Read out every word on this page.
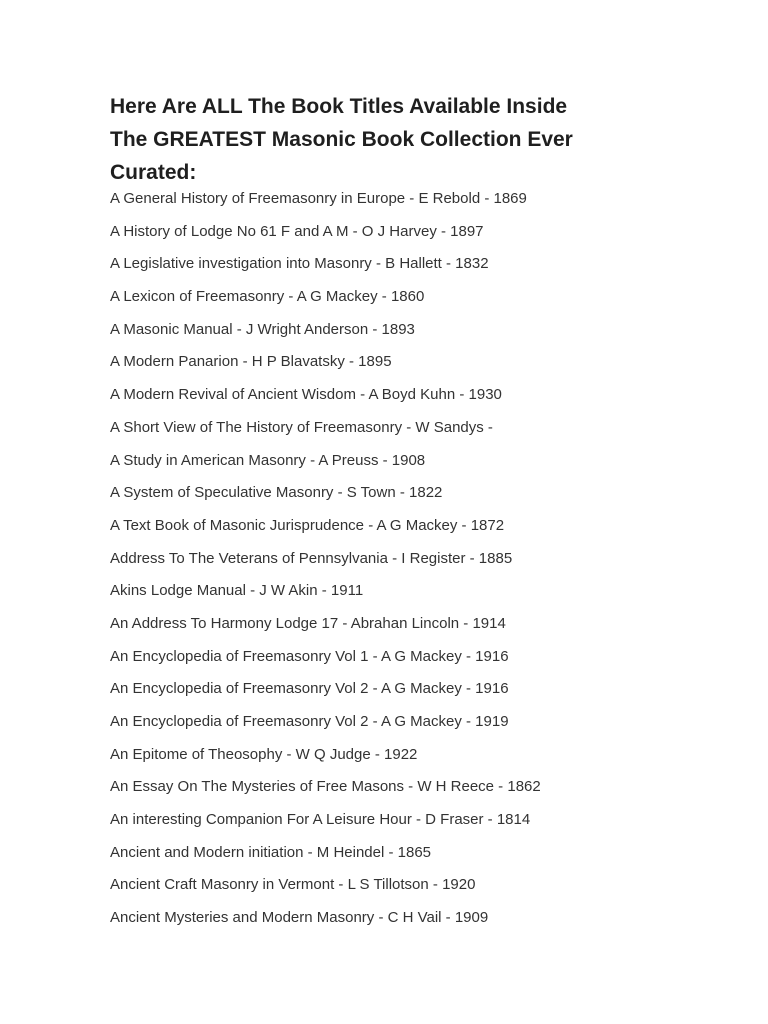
Here Are ALL The Book Titles Available Inside
The GREATEST Masonic Book Collection Ever
Curated:
A General History of Freemasonry in Europe - E Rebold - 1869
A History of Lodge No 61 F and A M - O J Harvey - 1897
A Legislative investigation into Masonry - B Hallett - 1832
A Lexicon of Freemasonry - A G Mackey - 1860
A Masonic Manual - J Wright Anderson - 1893
A Modern Panarion - H P Blavatsky - 1895
A Modern Revival of Ancient Wisdom - A Boyd Kuhn - 1930
A Short View of The History of Freemasonry - W Sandys -
A Study in American Masonry - A Preuss - 1908
A System of Speculative Masonry - S Town - 1822
A Text Book of Masonic Jurisprudence - A G Mackey - 1872
Address To The Veterans of Pennsylvania - I Register - 1885
Akins Lodge Manual - J W Akin - 1911
An Address To Harmony Lodge 17 - Abrahan Lincoln - 1914
An Encyclopedia of Freemasonry Vol 1 - A G Mackey - 1916
An Encyclopedia of Freemasonry Vol 2 - A G Mackey - 1916
An Encyclopedia of Freemasonry Vol 2 - A G Mackey - 1919
An Epitome of Theosophy - W Q Judge - 1922
An Essay On The Mysteries of Free Masons - W H Reece - 1862
An interesting Companion For A Leisure Hour - D Fraser - 1814
Ancient and Modern initiation - M Heindel - 1865
Ancient Craft Masonry in Vermont - L S Tillotson - 1920
Ancient Mysteries and Modern Masonry - C H Vail - 1909
